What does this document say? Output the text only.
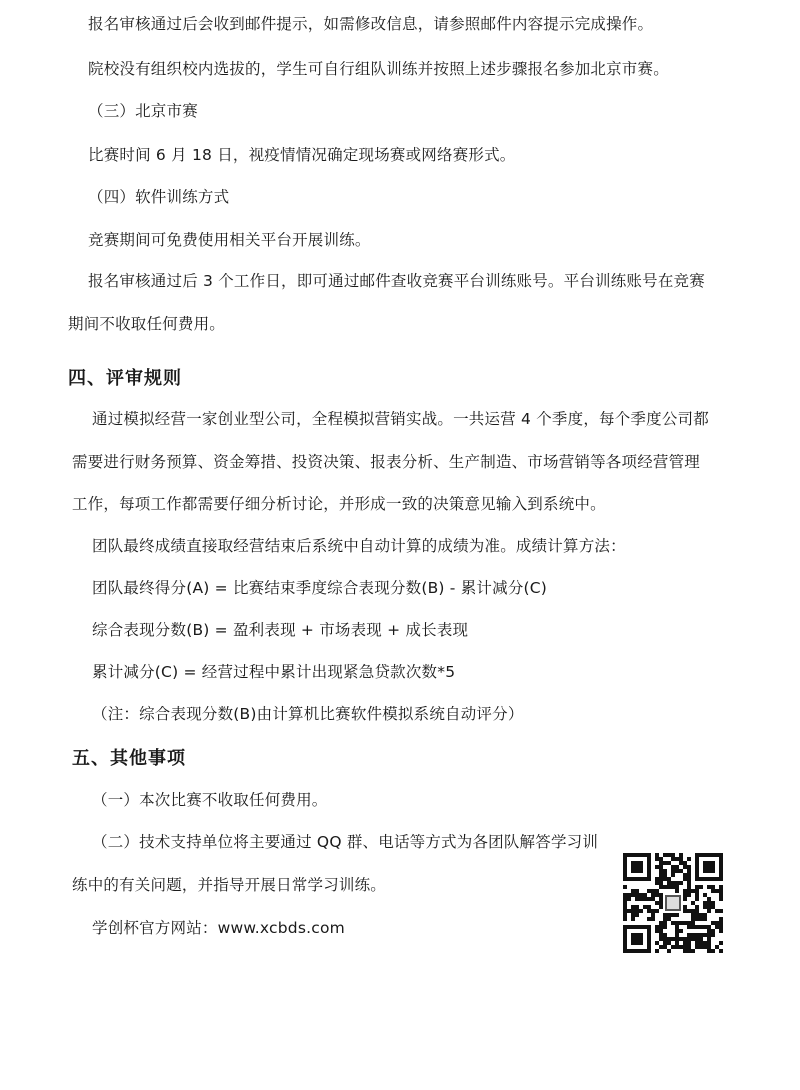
报名审核通过后会收到邮件提示，如需修改信息，请参照邮件内容提示完成操作。
院校没有组织校内选拔的，学生可自行组队训练并按照上述步骤报名参加北京市赛。
（三）北京市赛
比赛时间 6 月 18 日，视疫情情况确定现场赛或网络赛形式。
（四）软件训练方式
竞赛期间可免费使用相关平台开展训练。
报名审核通过后 3 个工作日，即可通过邮件查收竞赛平台训练账号。平台训练账号在竞赛
期间不收取任何费用。
四、评审规则
通过模拟经营一家创业型公司，全程模拟营销实战。一共运营 4 个季度，每个季度公司都
需要进行财务预算、资金筹措、投资决策、报表分析、生产制造、市场营销等各项经营管理
工作，每项工作都需要仔细分析讨论，并形成一致的决策意见输入到系统中。
团队最终成绩直接取经营结束后系统中自动计算的成绩为准。成绩计算方法：
团队最终得分(A) = 比赛结束季度综合表现分数(B) - 累计减分(C)
综合表现分数(B) = 盈利表现 + 市场表现 + 成长表现
累计减分(C) = 经营过程中累计出现紧急贷款次数*5
（注：综合表现分数(B)由计算机比赛软件模拟系统自动评分）
五、其他事项
（一）本次比赛不收取任何费用。
（二）技术支持单位将主要通过 QQ 群、电话等方式为各团队解答学习训
练中的有关问题，并指导开展日常学习训练。
学创杯官方网站：www.xcbds.com
